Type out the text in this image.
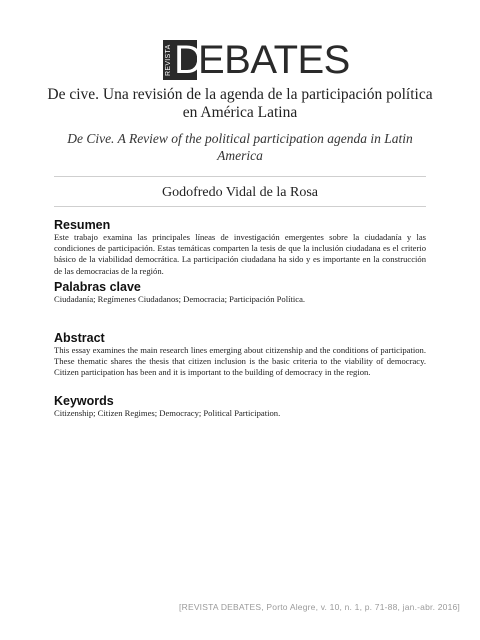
REVISTA D
EBATES
De cive. Una revisión de la agenda de la participación política en América Latina
De Cive. A Review of the political participation agenda in Latin America
Godofredo Vidal de la Rosa
Resumen

Este trabajo examina las principales líneas de investigación emergentes sobre la ciudadanía y las condiciones de participación. Estas temáticas comparten la tesis de que la inclusión ciudadana es el criterio básico de la viabilidad democrática. La participación ciudadana ha sido y es importante en la construcción de las democracias de la región.

Palabras clave

Ciudadanía; Regímenes Ciudadanos; Democracia; Participación Política.

Abstract

This essay examines the main research lines emerging about citizenship and the conditions of participation. These thematic shares the thesis that citizen inclusion is the basic criteria to the viability of democracy. Citizen participation has been and it is important to the building of democracy in the region.

Keywords

Citizenship; Citizen Regimes; Democracy; Political Participation.

[REVISTA DEBATES, Porto Alegre, v. 10, n. 1, p. 71-88, jan.-abr. 2016]
